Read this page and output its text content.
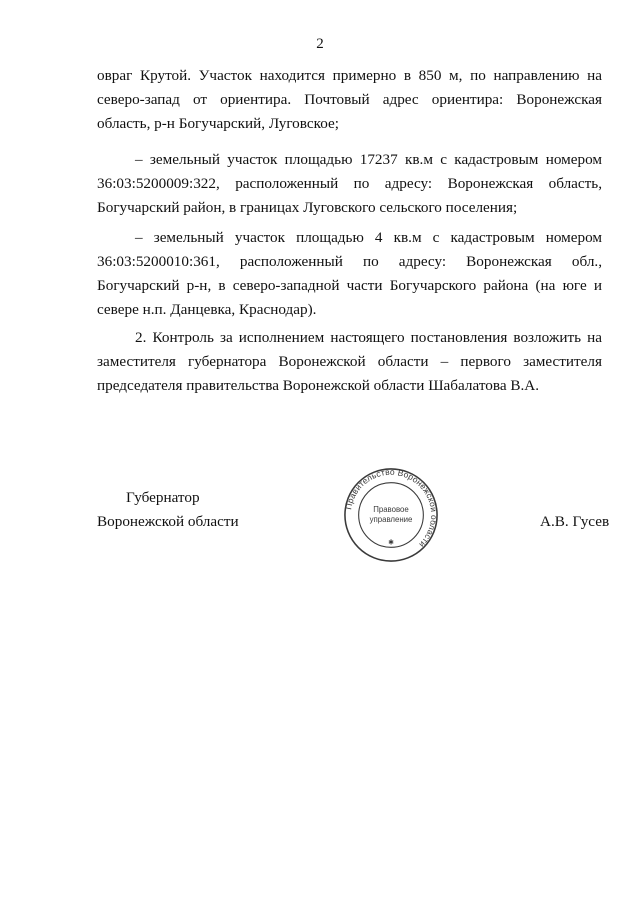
2

овраг Крутой. Участок находится примерно в 850 м, по направлению на северо-запад от ориентира. Почтовый адрес ориентира: Воронежская область, р-н Богучарский, Луговское;

– земельный участок площадью 17237 кв.м с кадастровым номером 36:03:5200009:322, расположенный по адресу: Воронежская область, Богучарский район, в границах Луговского сельского поселения;

– земельный участок площадью 4 кв.м с кадастровым номером 36:03:5200010:361, расположенный по адресу: Воронежская обл., Богучарский р-н, в северо-западной части Богучарского района (на юге и севере н.п. Данцевка, Краснодар).

2. Контроль за исполнением настоящего постановления возложить на заместителя губернатора Воронежской области – первого заместителя председателя правительства Воронежской области Шабалатова В.А.

Губернатор
Воронежской области
Правительство Воронежской области
Правовое
управление
✱
А.В. Гусев
